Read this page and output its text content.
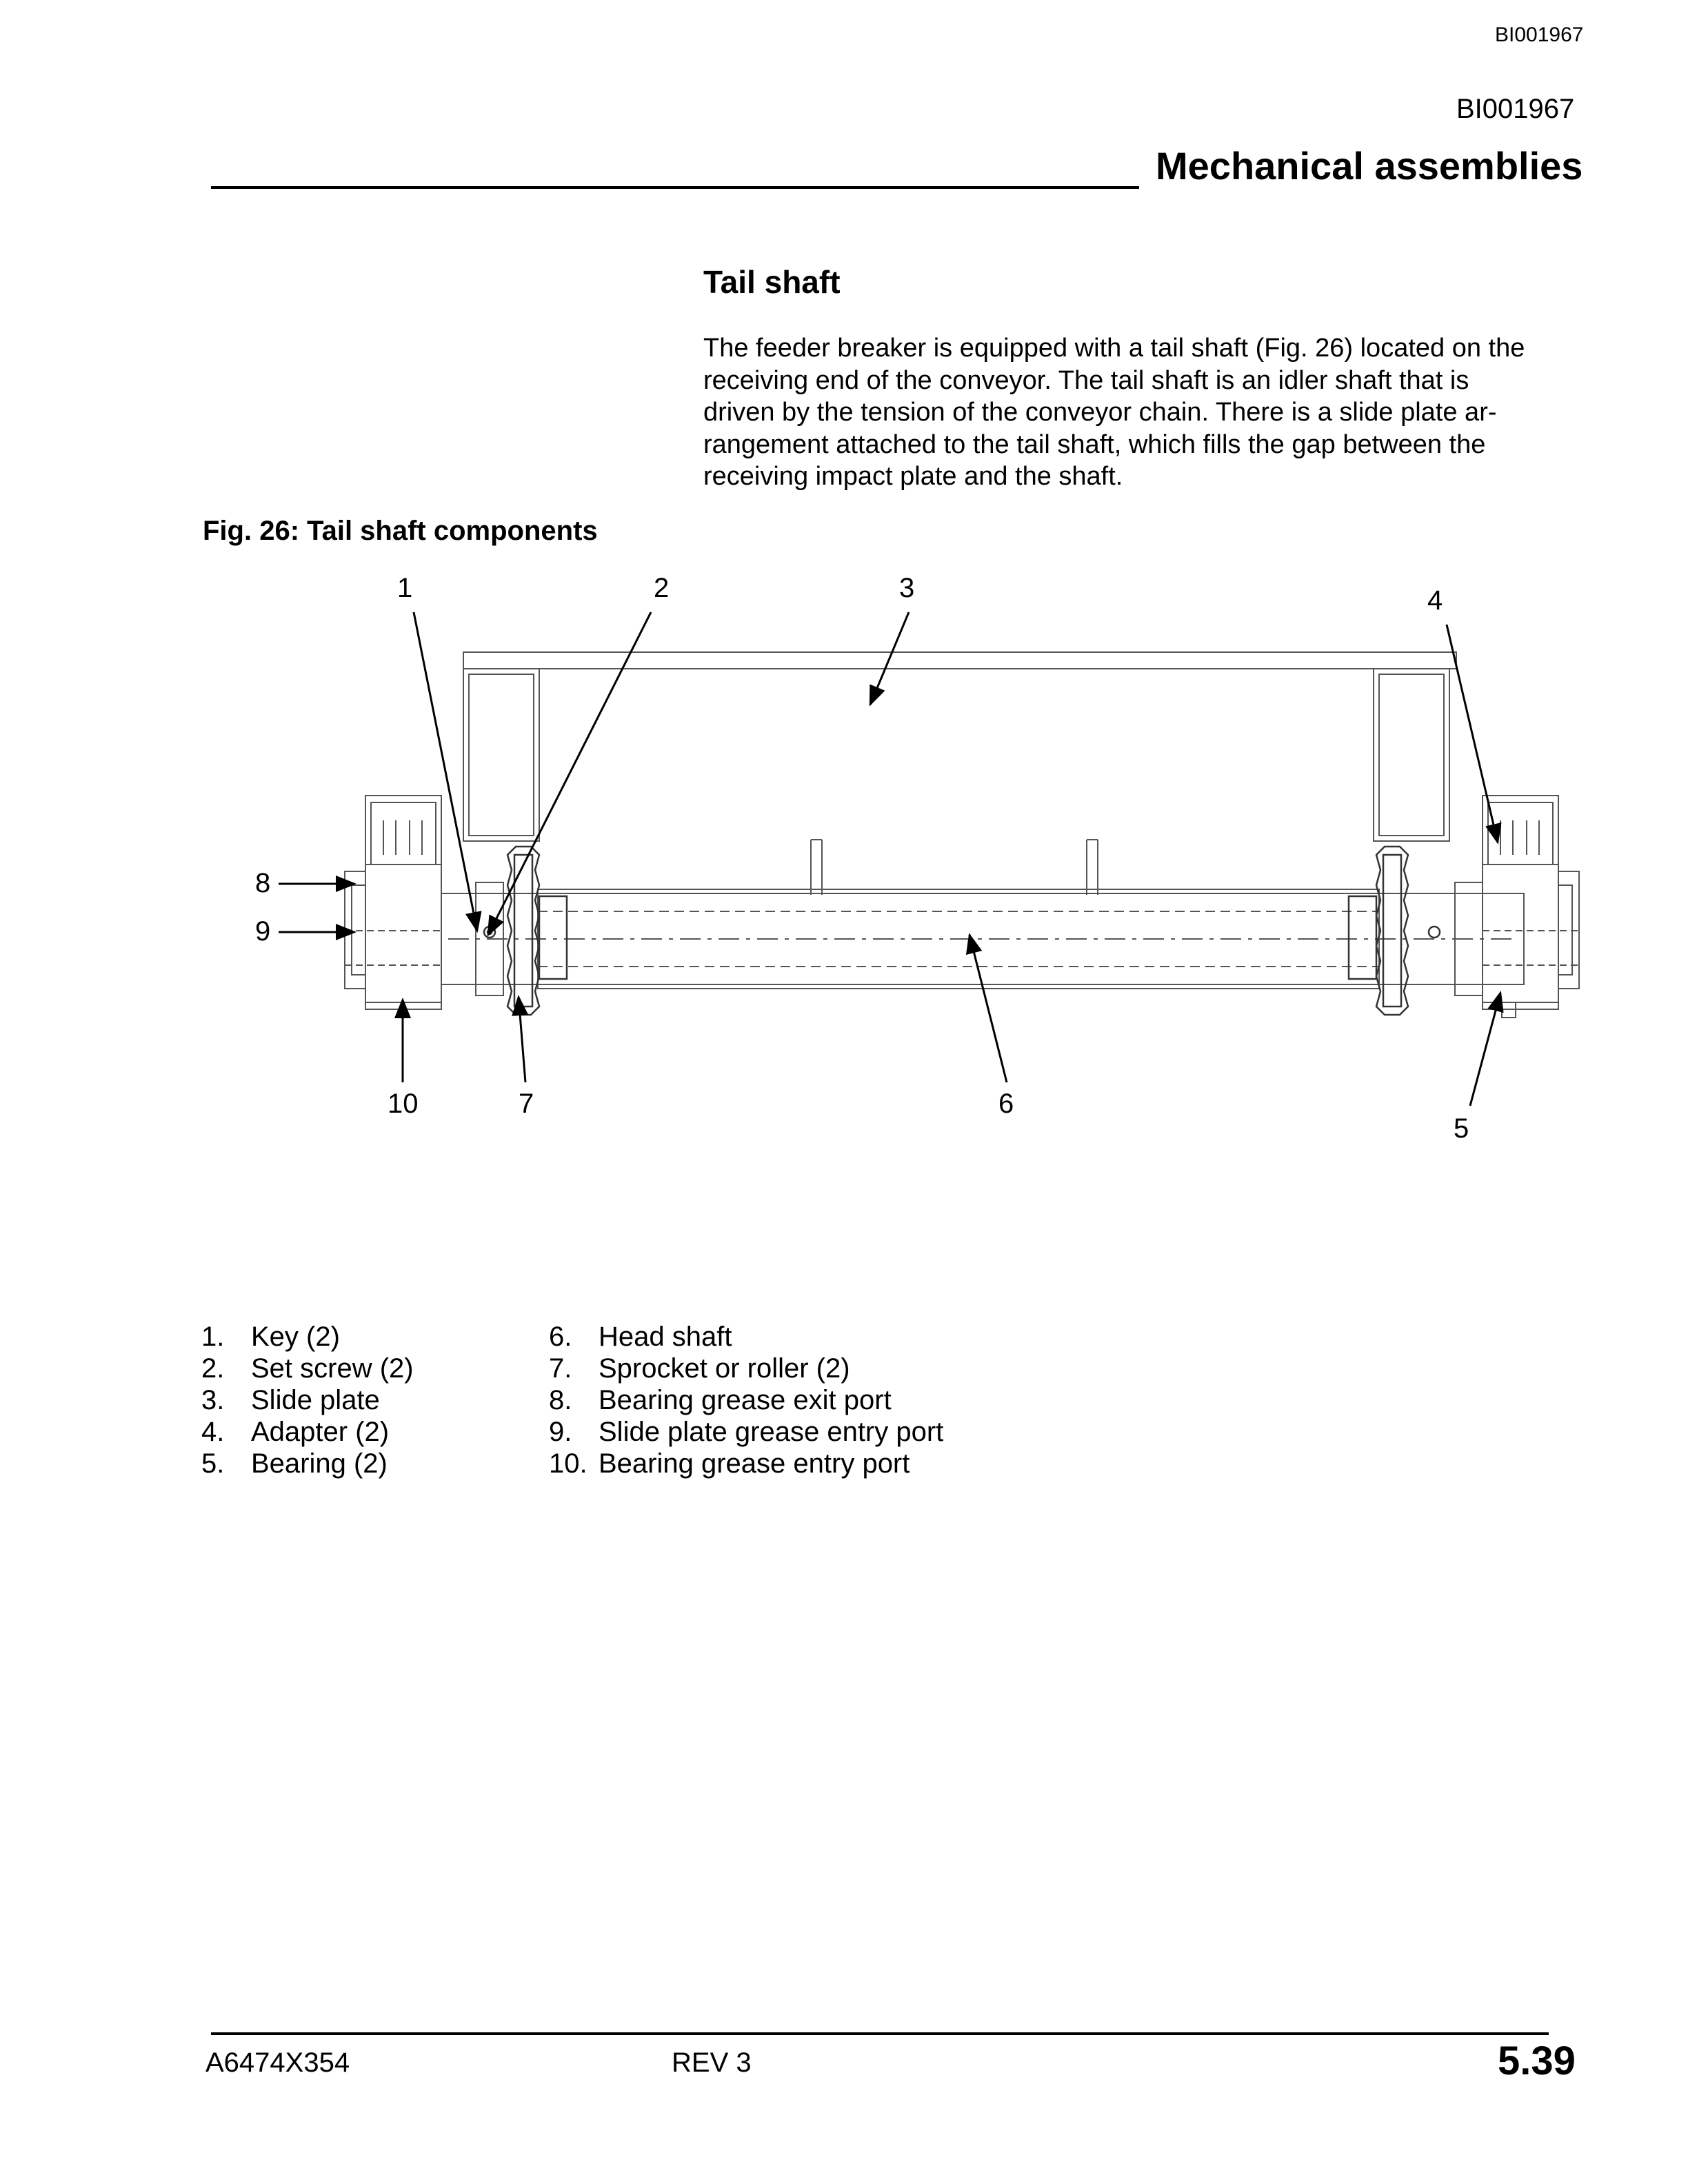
BI001967
BI001967
Mechanical assemblies
Tail shaft
The feeder breaker is equipped with a tail shaft (Fig. 26) located on the
receiving end of the conveyor. The tail shaft is an idler shaft that is
driven by the tension of the conveyor chain. There is a slide plate ar-
rangement attached to the tail shaft, which fills the gap between the
receiving impact plate and the shaft.
Fig. 26: Tail shaft components
1	2	3	4
5
6
7
8
9
10
1. Key (2)
2. Set screw (2)
3. Slide plate
4. Adapter (2)
5. Bearing (2)
6. Head shaft
7. Sprocket or roller (2)
8. Bearing grease exit port
9. Slide plate grease entry port
10. Bearing grease entry port
A6474X354	REV 3	5.39
